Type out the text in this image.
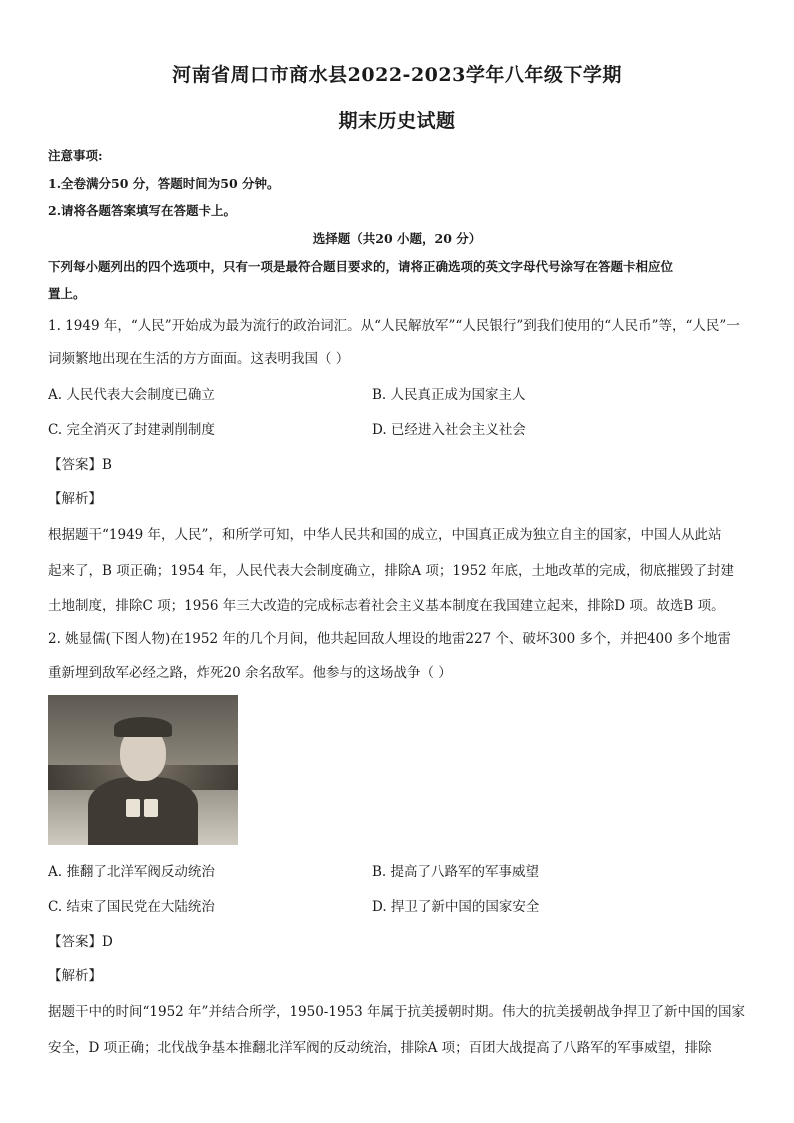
河南省周口市商水县2022-2023学年八年级下学期
期末历史试题
注意事项:
1.全卷满分50 分，答题时间为50 分钟。
2.请将各题答案填写在答题卡上。
选择题（共20 小题，20 分）
下列每小题列出的四个选项中，只有一项是最符合题目要求的，请将正确选项的英文字母代号涂写在答题卡相应位
置上。
1. 1949 年，“人民”开始成为最为流行的政治词汇。从“人民解放军”“人民银行”到我们使用的“人民币”等，“人民”一
词频繁地出现在生活的方方面面。这表明我国（ ）
A. 人民代表大会制度已确立	B. 人民真正成为国家主人
C. 完全消灭了封建剥削制度	D. 已经进入社会主义社会
【答案】B
【解析】
根据题干“1949 年，人民”，和所学可知，中华人民共和国的成立，中国真正成为独立自主的国家，中国人从此站
起来了，B 项正确；1954 年，人民代表大会制度确立，排除A 项；1952 年底，土地改革的完成，彻底摧毁了封建
土地制度，排除C 项；1956 年三大改造的完成标志着社会主义基本制度在我国建立起来，排除D 项。故选B 项。
2. 姚显儒(下图人物)在1952 年的几个月间，他共起回敌人埋设的地雷227 个、破坏300 多个，并把400 多个地雷
重新埋到敌军必经之路，炸死20 余名敌军。他参与的这场战争（ ）
A. 推翻了北洋军阀反动统治	B. 提高了八路军的军事威望
C. 结束了国民党在大陆统治	D. 捍卫了新中国的国家安全
【答案】D
【解析】
据题干中的时间“1952 年”并结合所学，1950-1953 年属于抗美援朝时期。伟大的抗美援朝战争捍卫了新中国的国家
安全，D 项正确；北伐战争基本推翻北洋军阀的反动统治，排除A 项；百团大战提高了八路军的军事威望，排除
